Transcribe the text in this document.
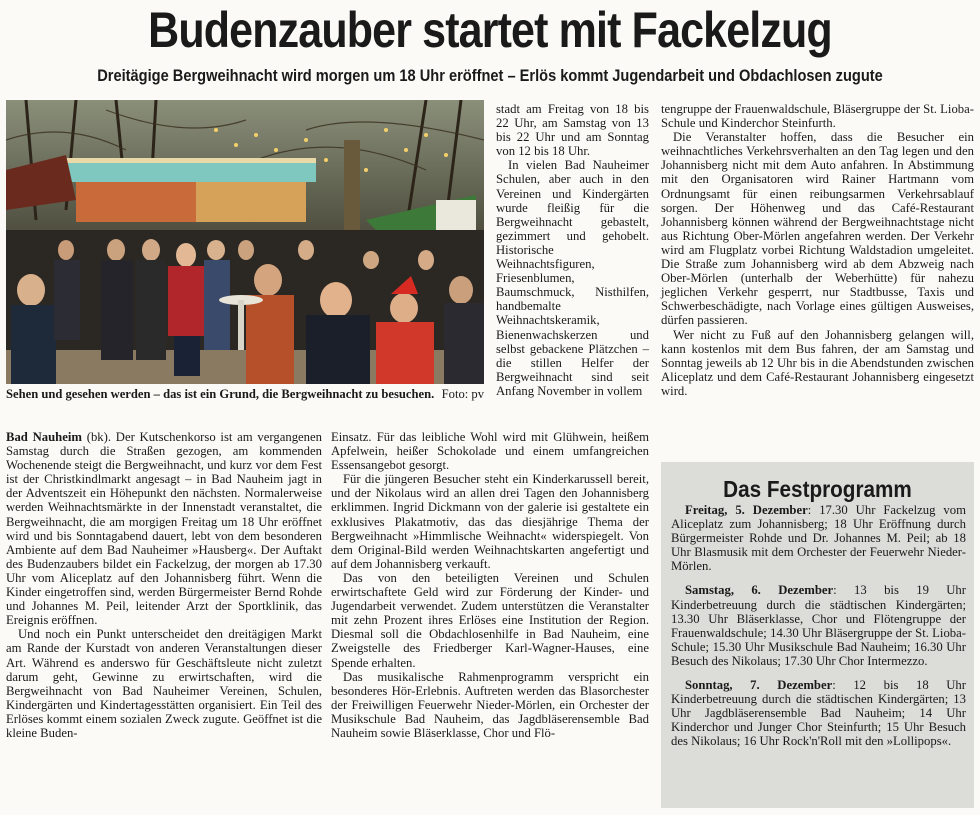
Budenzauber startet mit Fackelzug
Dreitägige Bergweihnacht wird morgen um 18 Uhr eröffnet – Erlös kommt Jugendarbeit und Obdachlosen zugute
Sehen und gesehen werden – das ist ein Grund, die Bergweihnacht zu besuchen. Foto: pv

Bad Nauheim (bk). Der Kutschenkorso ist am vergangenen Samstag durch die Straßen gezogen, am kommenden Wochenende steigt die Bergweihnacht, und kurz vor dem Fest ist der Christkindlmarkt angesagt – in Bad Nauheim jagt in der Adventszeit ein Höhepunkt den nächsten. Normalerweise werden Weihnachtsmärkte in der Innenstadt veranstaltet, die Bergweihnacht, die am morgigen Freitag um 18 Uhr eröffnet wird und bis Sonntagabend dauert, lebt von dem besonderen Ambiente auf dem Bad Nauheimer »Hausberg«. Der Auftakt des Budenzaubers bildet ein Fackelzug, der morgen ab 17.30 Uhr vom Aliceplatz auf den Johannisberg führt. Wenn die Kinder eingetroffen sind, werden Bürgermeister Bernd Rohde und Johannes M. Peil, leitender Arzt der Sportklinik, das Ereignis eröffnen.

Und noch ein Punkt unterscheidet den dreitägigen Markt am Rande der Kurstadt von anderen Veranstaltungen dieser Art. Während es anderswo für Geschäftsleute nicht zuletzt darum geht, Gewinne zu erwirtschaften, wird die Bergweihnacht von Bad Nauheimer Vereinen, Schulen, Kindergärten und Kindertagesstätten organisiert. Ein Teil des Erlöses kommt einem sozialen Zweck zugute. Geöffnet ist die kleine Buden-

Einsatz. Für das leibliche Wohl wird mit Glühwein, heißem Apfelwein, heißer Schokolade und einem umfangreichen Essensangebot gesorgt.

Für die jüngeren Besucher steht ein Kinderkarussell bereit, und der Nikolaus wird an allen drei Tagen den Johannisberg erklimmen. Ingrid Dickmann von der galerie isi gestaltete ein exklusives Plakatmotiv, das das diesjährige Thema der Bergweihnacht »Himmlische Weihnacht« widerspiegelt. Von dem Original-Bild werden Weihnachtskarten angefertigt und auf dem Johannisberg verkauft.

Das von den beteiligten Vereinen und Schulen erwirtschaftete Geld wird zur Förderung der Kinder- und Jugendarbeit verwendet. Zudem unterstützen die Veranstalter mit zehn Prozent ihres Erlöses eine Institution der Region. Diesmal soll die Obdachlosenhilfe in Bad Nauheim, eine Zweigstelle des Friedberger Karl-Wagner-Hauses, eine Spende erhalten.

Das musikalische Rahmenprogramm verspricht ein besonderes Hör-Erlebnis. Auftreten werden das Blasorchester der Freiwilligen Feuerwehr Nieder-Mörlen, ein Orchester der Musikschule Bad Nauheim, das Jagdbläserensemble Bad Nauheim sowie Bläserklasse, Chor und Flö-

stadt am Freitag von 18 bis 22 Uhr, am Samstag von 13 bis 22 Uhr und am Sonntag von 12 bis 18 Uhr.

In vielen Bad Nauheimer Schulen, aber auch in den Vereinen und Kindergärten wurde fleißig für die Bergweihnacht gebastelt, gezimmert und gehobelt. Historische Weihnachtsfiguren, Friesenblumen, Baumschmuck, Nisthilfen, handbemalte Weihnachtskeramik, Bienenwachskerzen und selbst gebackene Plätzchen – die stillen Helfer der Bergweihnacht sind seit Anfang November in vollem

tengruppe der Frauenwaldschule, Bläsergruppe der St. Lioba-Schule und Kinderchor Steinfurth.

Die Veranstalter hoffen, dass die Besucher ein weihnachtliches Verkehrsverhalten an den Tag legen und den Johannisberg nicht mit dem Auto anfahren. In Abstimmung mit den Organisatoren wird Rainer Hartmann vom Ordnungsamt für einen reibungsarmen Verkehrsablauf sorgen. Der Höhenweg und das Café-Restaurant Johannisberg können während der Bergweihnachtstage nicht aus Richtung Ober-Mörlen angefahren werden. Der Verkehr wird am Flugplatz vorbei Richtung Waldstadion umgeleitet. Die Straße zum Johannisberg wird ab dem Abzweig nach Ober-Mörlen (unterhalb der Weberhütte) für nahezu jeglichen Verkehr gesperrt, nur Stadtbusse, Taxis und Schwerbeschädigte, nach Vorlage eines gültigen Ausweises, dürfen passieren.

Wer nicht zu Fuß auf den Johannisberg gelangen will, kann kostenlos mit dem Bus fahren, der am Samstag und Sonntag jeweils ab 12 Uhr bis in die Abendstunden zwischen Aliceplatz und dem Café-Restaurant Johannisberg eingesetzt wird.

Das Festprogramm

Freitag, 5. Dezember: 17.30 Uhr Fackelzug vom Aliceplatz zum Johannisberg; 18 Uhr Eröffnung durch Bürgermeister Rohde und Dr. Johannes M. Peil; ab 18 Uhr Blasmusik mit dem Orchester der Feuerwehr Nieder-Mörlen.

Samstag, 6. Dezember: 13 bis 19 Uhr Kinderbetreuung durch die städtischen Kindergärten; 13.30 Uhr Bläserklasse, Chor und Flötengruppe der Frauenwaldschule; 14.30 Uhr Bläsergruppe der St. Lioba-Schule; 15.30 Uhr Musikschule Bad Nauheim; 16.30 Uhr Besuch des Nikolaus; 17.30 Uhr Chor Intermezzo.

Sonntag, 7. Dezember: 12 bis 18 Uhr Kinderbetreuung durch die städtischen Kindergärten; 13 Uhr Jagdbläserensemble Bad Nauheim; 14 Uhr Kinderchor und Junger Chor Steinfurth; 15 Uhr Besuch des Nikolaus; 16 Uhr Rock'n'Roll mit den »Lollipops«.
